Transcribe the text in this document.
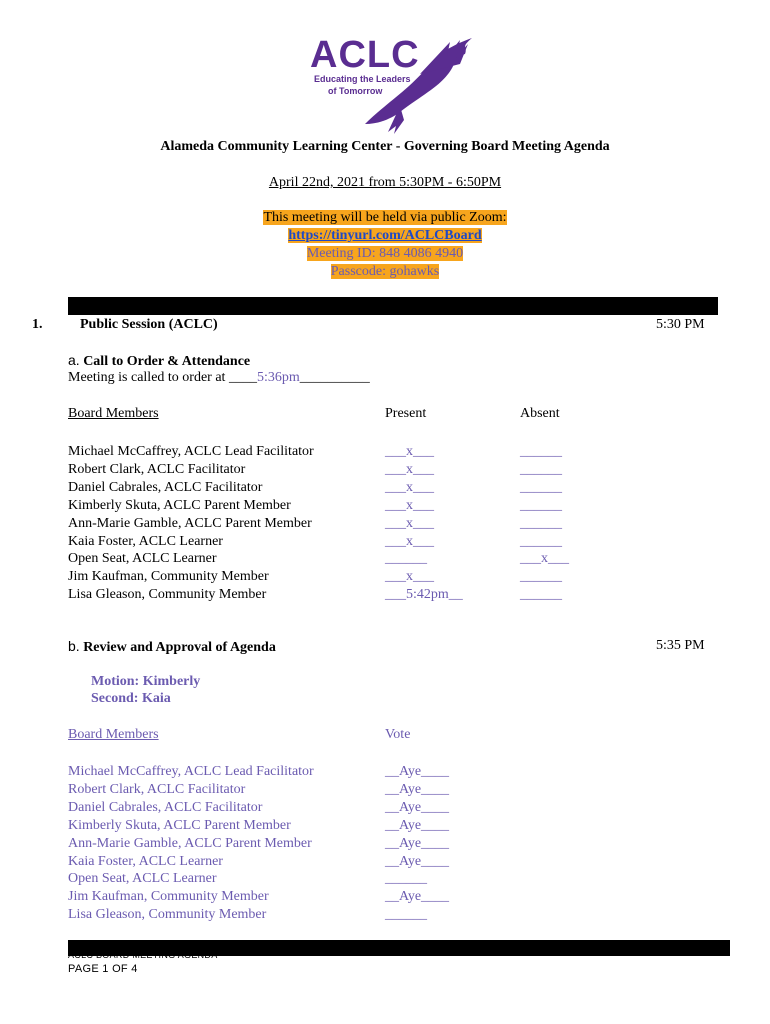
ACLC
Educating the Leaders
of Tomorrow
Alameda Community Learning Center - Governing Board Meeting Agenda
April 22nd, 2021 from 5:30PM - 6:50PM
This meeting will be held via public Zoom:
https://tinyurl.com/ACLCBoard
Meeting ID: 848 4086 4940
Passcode: gohawks
1.	Public Session (ACLC)	5:30 PM
a. Call to Order & Attendance
Meeting is called to order at ____5:36pm__________
Board Members	Present	Absent
Michael McCaffrey, ACLC Lead Facilitator	___x___	______
Robert Clark, ACLC Facilitator	___x___	______
Daniel Cabrales, ACLC Facilitator	___x___	______
Kimberly Skuta, ACLC Parent Member	___x___	______
Ann-Marie Gamble, ACLC Parent Member	___x___	______
Kaia Foster, ACLC Learner	___x___	______
Open Seat, ACLC Learner	______	___x___
Jim Kaufman, Community Member	___x___	______
Lisa Gleason, Community Member	___5:42pm__	______
b. Review and Approval of Agenda	5:35 PM
Motion: Kimberly
Second: Kaia
Board Members	Vote
Michael McCaffrey, ACLC Lead Facilitator	__Aye____
Robert Clark, ACLC Facilitator	__Aye____
Daniel Cabrales, ACLC Facilitator	__Aye____
Kimberly Skuta, ACLC Parent Member	__Aye____
Ann-Marie Gamble, ACLC Parent Member	__Aye____
Kaia Foster, ACLC Learner	__Aye____
Open Seat, ACLC Learner	______
Jim Kaufman, Community Member	__Aye____
Lisa Gleason, Community Member	______
ACLC BOARD MEETING AGENDA
PAGE 1 OF 4
